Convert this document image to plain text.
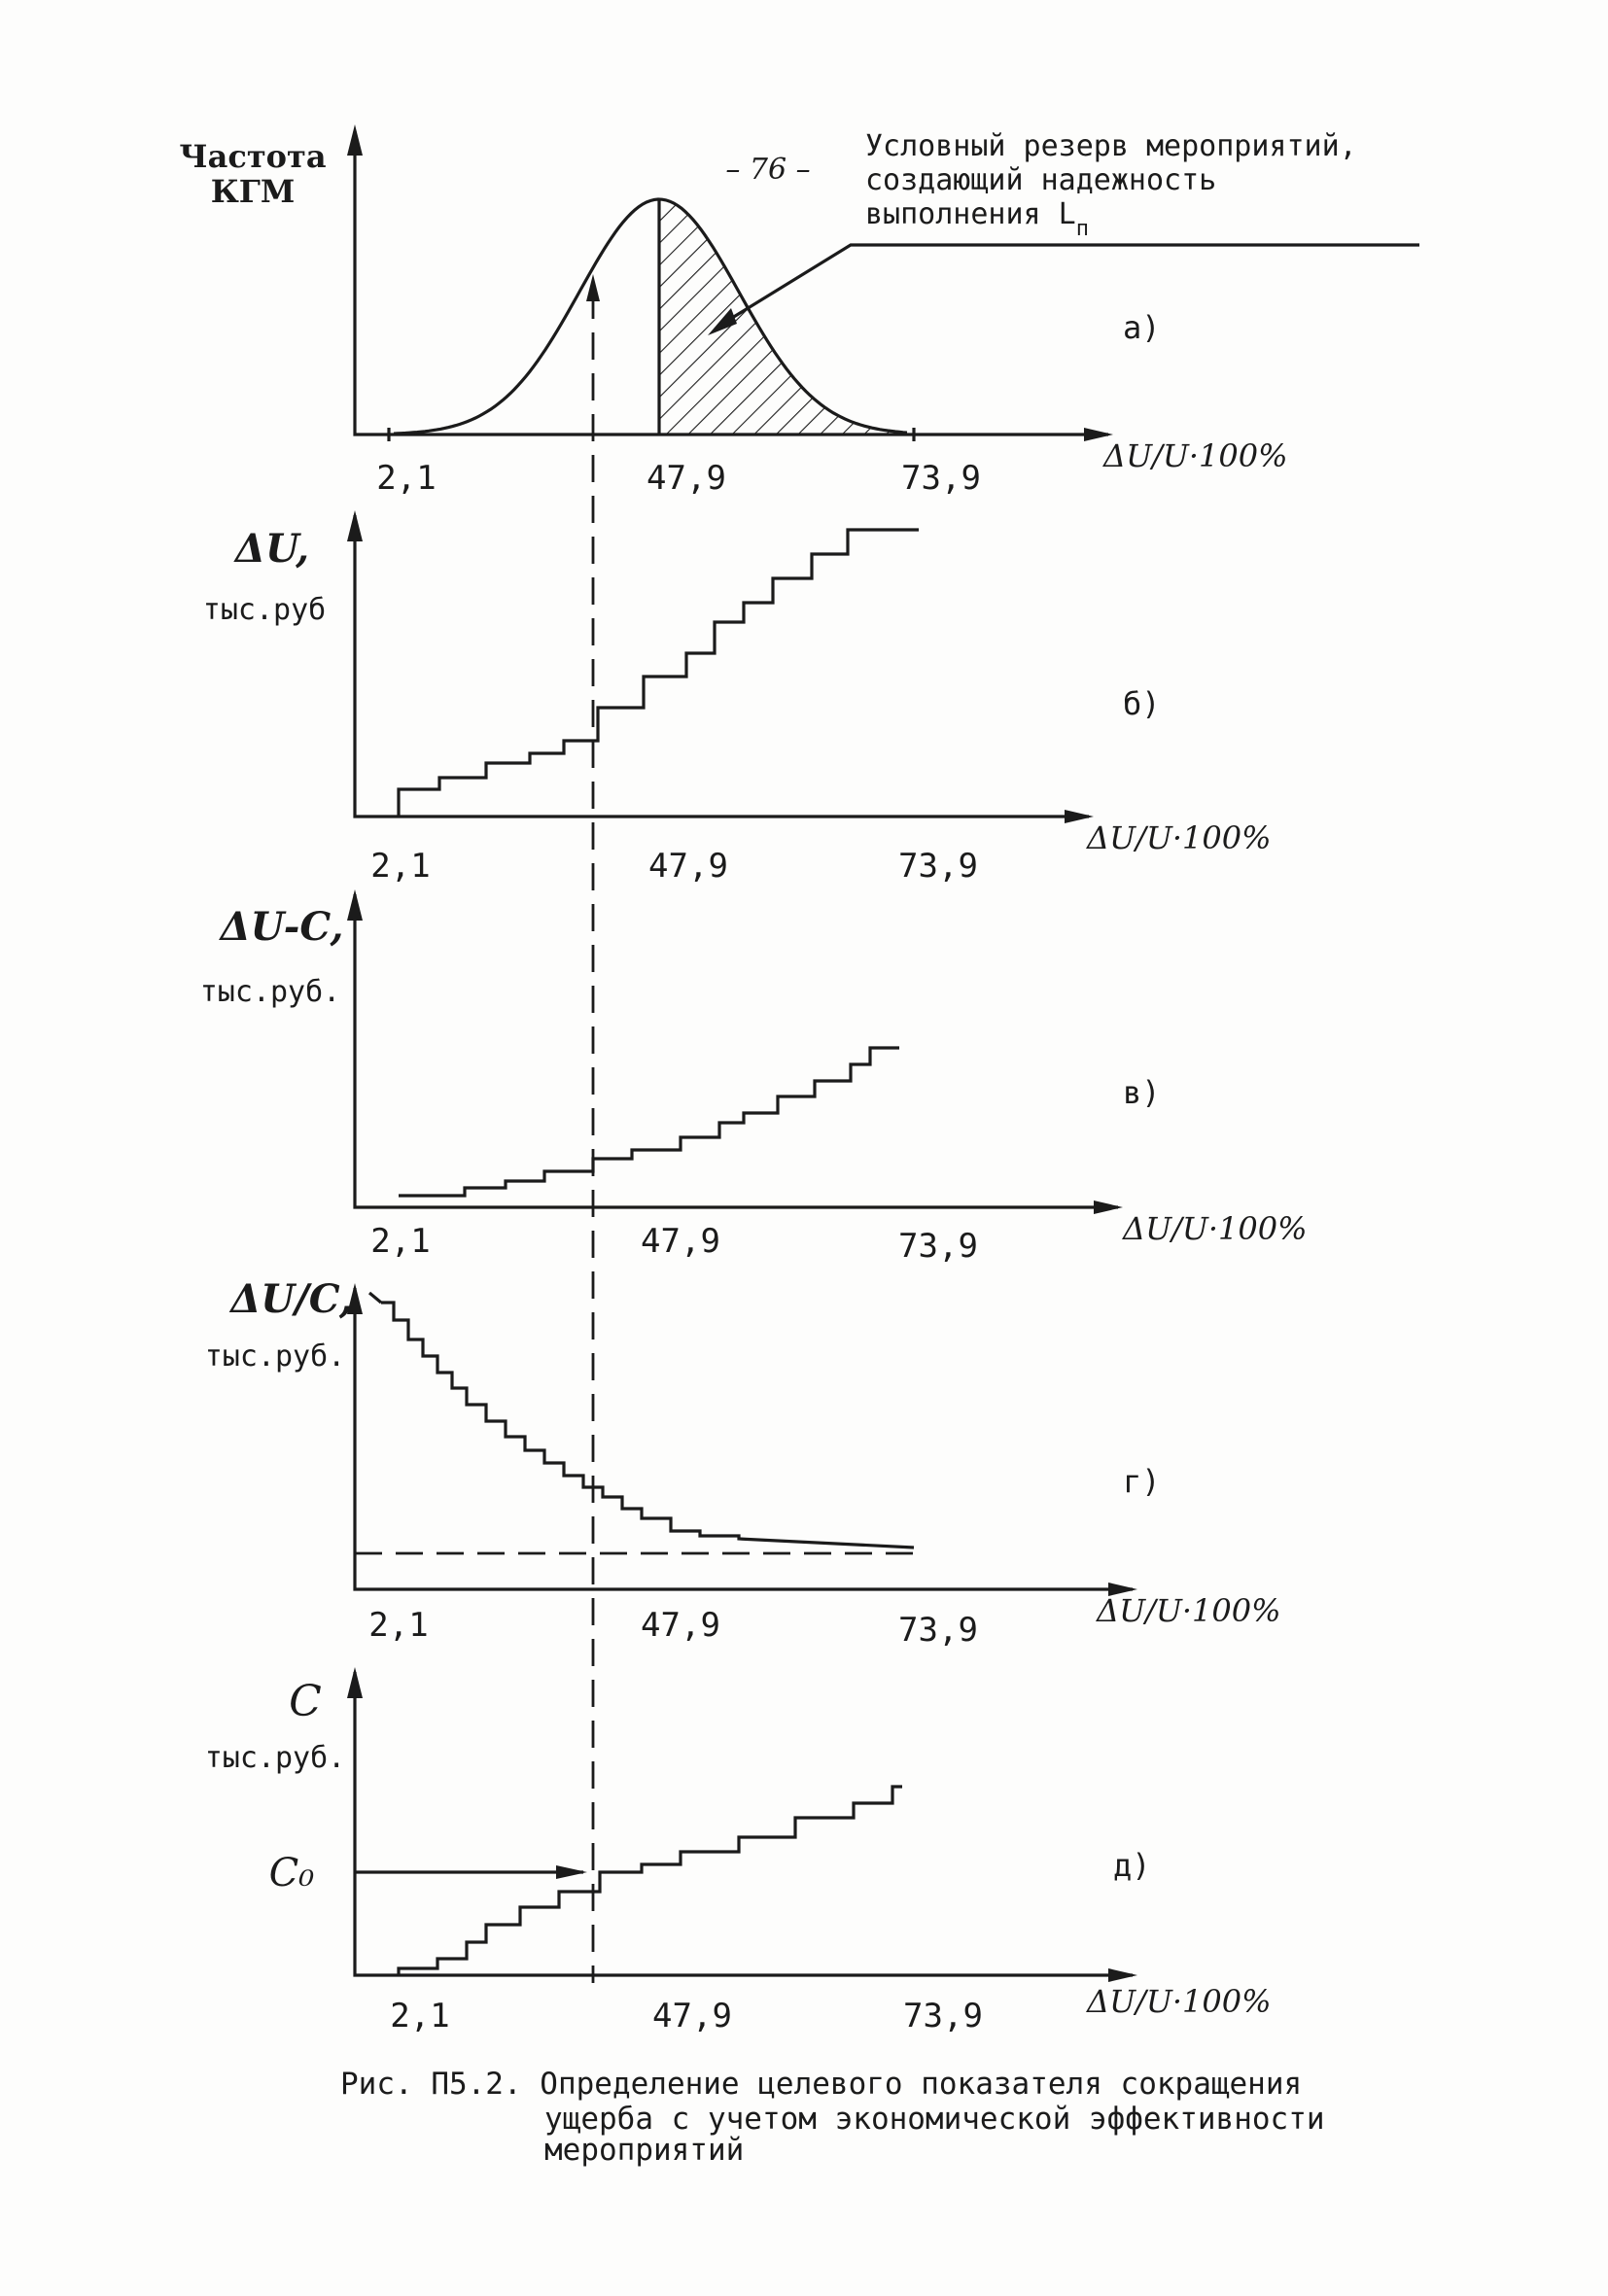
– 76 –
Частота
КГМ
2,1	47,9	73,9
ΔU/U·100%
а)
Условный резерв мероприятий,
создающий надежность
выполнения $L_п$
ΔU,
тыс.руб
2,1	47,9	73,9
ΔU/U·100%
б)
ΔU-C,
тыс.руб.
2,1	47,9	73,9	ΔU/U·100%
в)
ΔU/C,
тыс.руб.
2,1	47,9	73,9	ΔU/U·100%
г)
C
тыс.руб.
C₀
2,1	47,9	73,9	ΔU/U·100%
д)
Рис. П5.2. Определение целевого показателя сокращения
ущерба с учетом экономической эффективности
мероприятий
